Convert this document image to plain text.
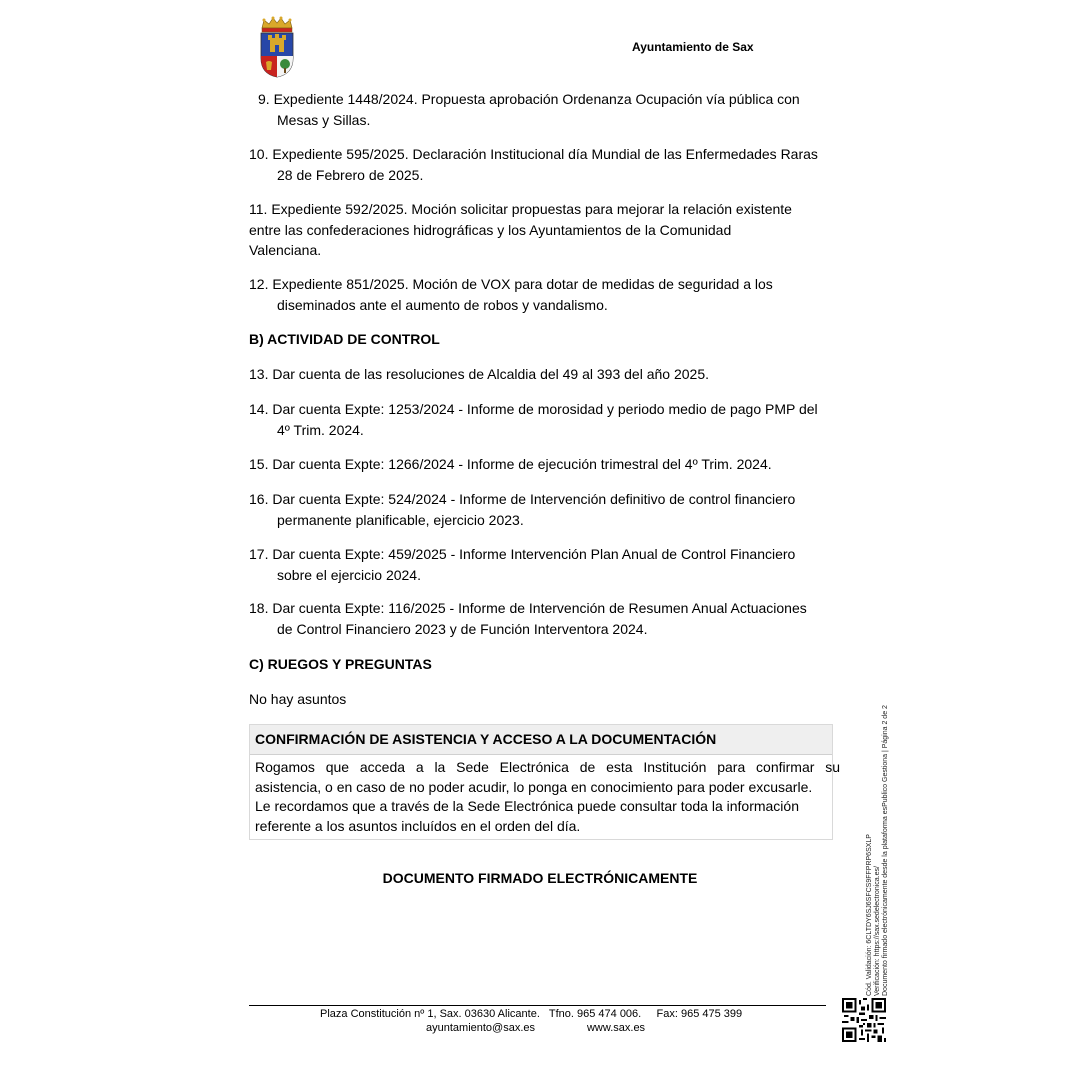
Ayuntamiento de Sax
9. Expediente 1448/2024. Propuesta aprobación Ordenanza Ocupación vía pública con
Mesas y Sillas.
10. Expediente 595/2025. Declaración Institucional día Mundial de las Enfermedades Raras
28 de Febrero de 2025.
11. Expediente 592/2025. Moción solicitar propuestas para mejorar la relación existente
entre las confederaciones hidrográficas y los Ayuntamientos de la Comunidad
Valenciana.
12. Expediente 851/2025. Moción de VOX para dotar de medidas de seguridad a los
diseminados ante el aumento de robos y vandalismo.
B) ACTIVIDAD DE CONTROL
13. Dar cuenta de las resoluciones de Alcaldia del 49 al 393 del año 2025.
14. Dar cuenta Expte: 1253/2024 - Informe de morosidad y periodo medio de pago PMP del
4º Trim. 2024.
15. Dar cuenta Expte: 1266/2024 - Informe de ejecución trimestral del 4º Trim. 2024.
16. Dar cuenta Expte: 524/2024 - Informe de Intervención definitivo de control financiero
permanente planificable, ejercicio 2023.
17. Dar cuenta Expte: 459/2025 - Informe Intervención Plan Anual de Control Financiero
sobre el ejercicio 2024.
18. Dar cuenta Expte: 116/2025 - Informe de Intervención de Resumen Anual Actuaciones
de Control Financiero 2023 y de Función Interventora 2024.
C) RUEGOS Y PREGUNTAS
No hay asuntos
CONFIRMACIÓN DE ASISTENCIA Y ACCESO A LA DOCUMENTACIÓN
Rogamos que acceda a la Sede Electrónica de esta Institución para confirmar su
asistencia, o en caso de no poder acudir, lo ponga en conocimiento para poder excusarle.
Le recordamos que a través de la Sede Electrónica puede consultar toda la información
referente a los asuntos incluídos en el orden del día.
DOCUMENTO FIRMADO ELECTRÓNICAMENTE
Plaza Constitución nº 1, Sax. 03630 Alicante. Tfno. 965 474 006. Fax: 965 475 399
ayuntamiento@sax.es	www.sax.es
Cód. Validación: 6CLTDY6SJ6SFCS9FFPRP6SXLP Verificación: https://sax.sedelectronica.es/ Documento firmado electrónicamente desde la plataforma esPublico Gestiona | Página 2 de 2
